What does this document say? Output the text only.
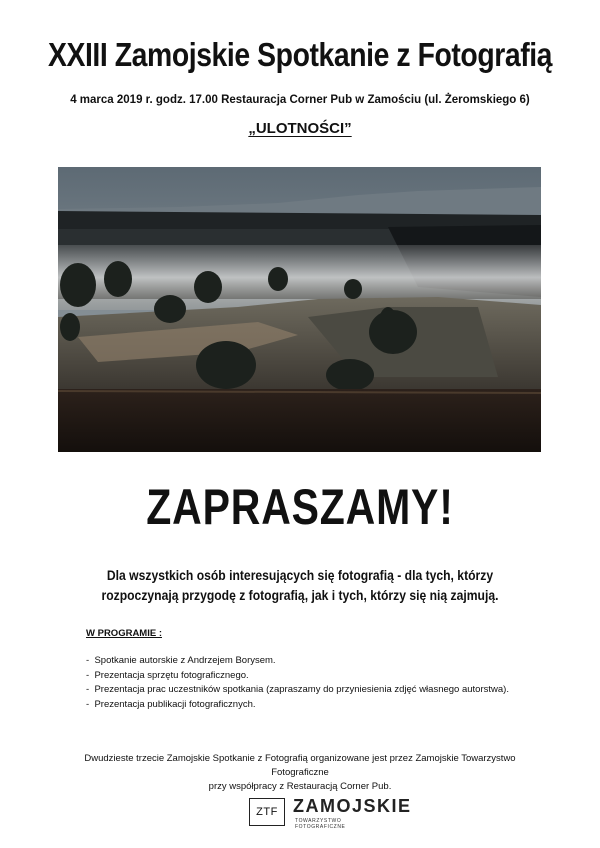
XXIII Zamojskie Spotkanie z Fotografią
4 marca 2019 r. godz. 17.00 Restauracja Corner Pub w Zamościu (ul. Żeromskiego 6)
„ULOTNOŚCI”
ZAPRASZAMY!
Dla wszystkich osób interesujących się fotografią - dla tych, którzy rozpoczynają przygodę z fotografią, jak i tych, którzy się nią zajmują.
W PROGRAMIE :
-  Spotkanie autorskie z Andrzejem Borysem.
-  Prezentacja sprzętu fotograficznego.
-  Prezentacja prac uczestników spotkania (zapraszamy do przyniesienia zdjęć własnego autorstwa).
-  Prezentacja publikacji fotograficznych.
Dwudzieste trzecie Zamojskie Spotkanie z Fotografią organizowane jest przez Zamojskie Towarzystwo Fotograficzne
przy współpracy z Restauracją Corner Pub.
ZTF ZAMOJSKIE
TOWARZYSTWO FOTOGRAFICZNE
